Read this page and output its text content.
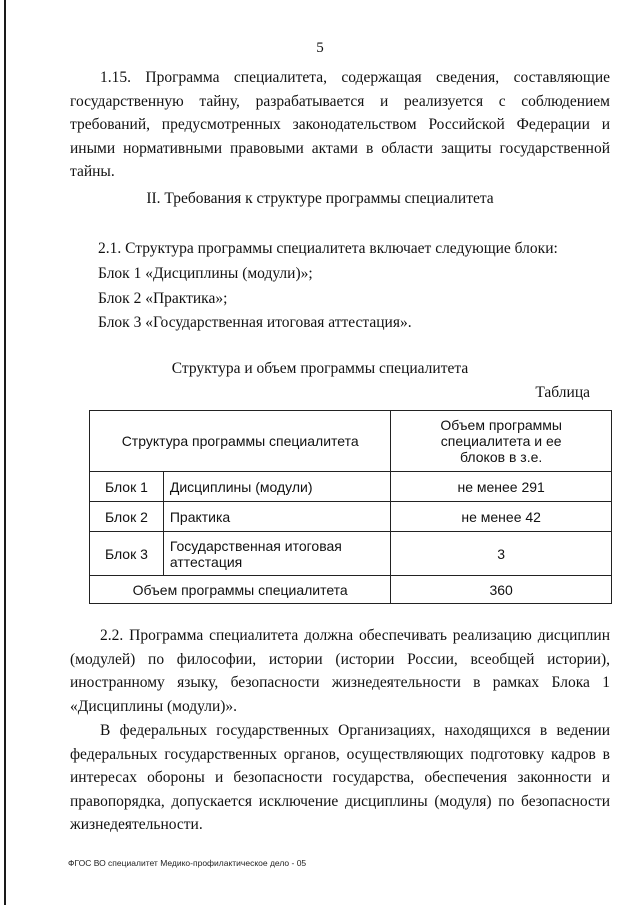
5
1.15. Программа специалитета, содержащая сведения, составляющие государственную тайну, разрабатывается и реализуется с соблюдением требований, предусмотренных законодательством Российской Федерации и иными нормативными правовыми актами в области защиты государственной тайны.
II. Требования к структуре программы специалитета
2.1. Структура программы специалитета включает следующие блоки:
Блок 1 «Дисциплины (модули)»;
Блок 2 «Практика»;
Блок 3 «Государственная итоговая аттестация».
Структура и объем программы специалитета
Таблица
Структура программы специалитета		Объем программы специалитета и ее блоков в з.е.
Блок 1	Дисциплины (модули)	не менее 291
Блок 2	Практика	не менее 42
Блок 3	Государственная итоговая аттестация	3
Объем программы специалитета		360
2.2. Программа специалитета должна обеспечивать реализацию дисциплин (модулей) по философии, истории (истории России, всеобщей истории), иностранному языку, безопасности жизнедеятельности в рамках Блока 1 «Дисциплины (модули)».
В федеральных государственных Организациях, находящихся в ведении федеральных государственных органов, осуществляющих подготовку кадров в интересах обороны и безопасности государства, обеспечения законности и правопорядка, допускается исключение дисциплины (модуля) по безопасности жизнедеятельности.
ФГОС ВО специалитет Медико-профилактическое дело - 05
